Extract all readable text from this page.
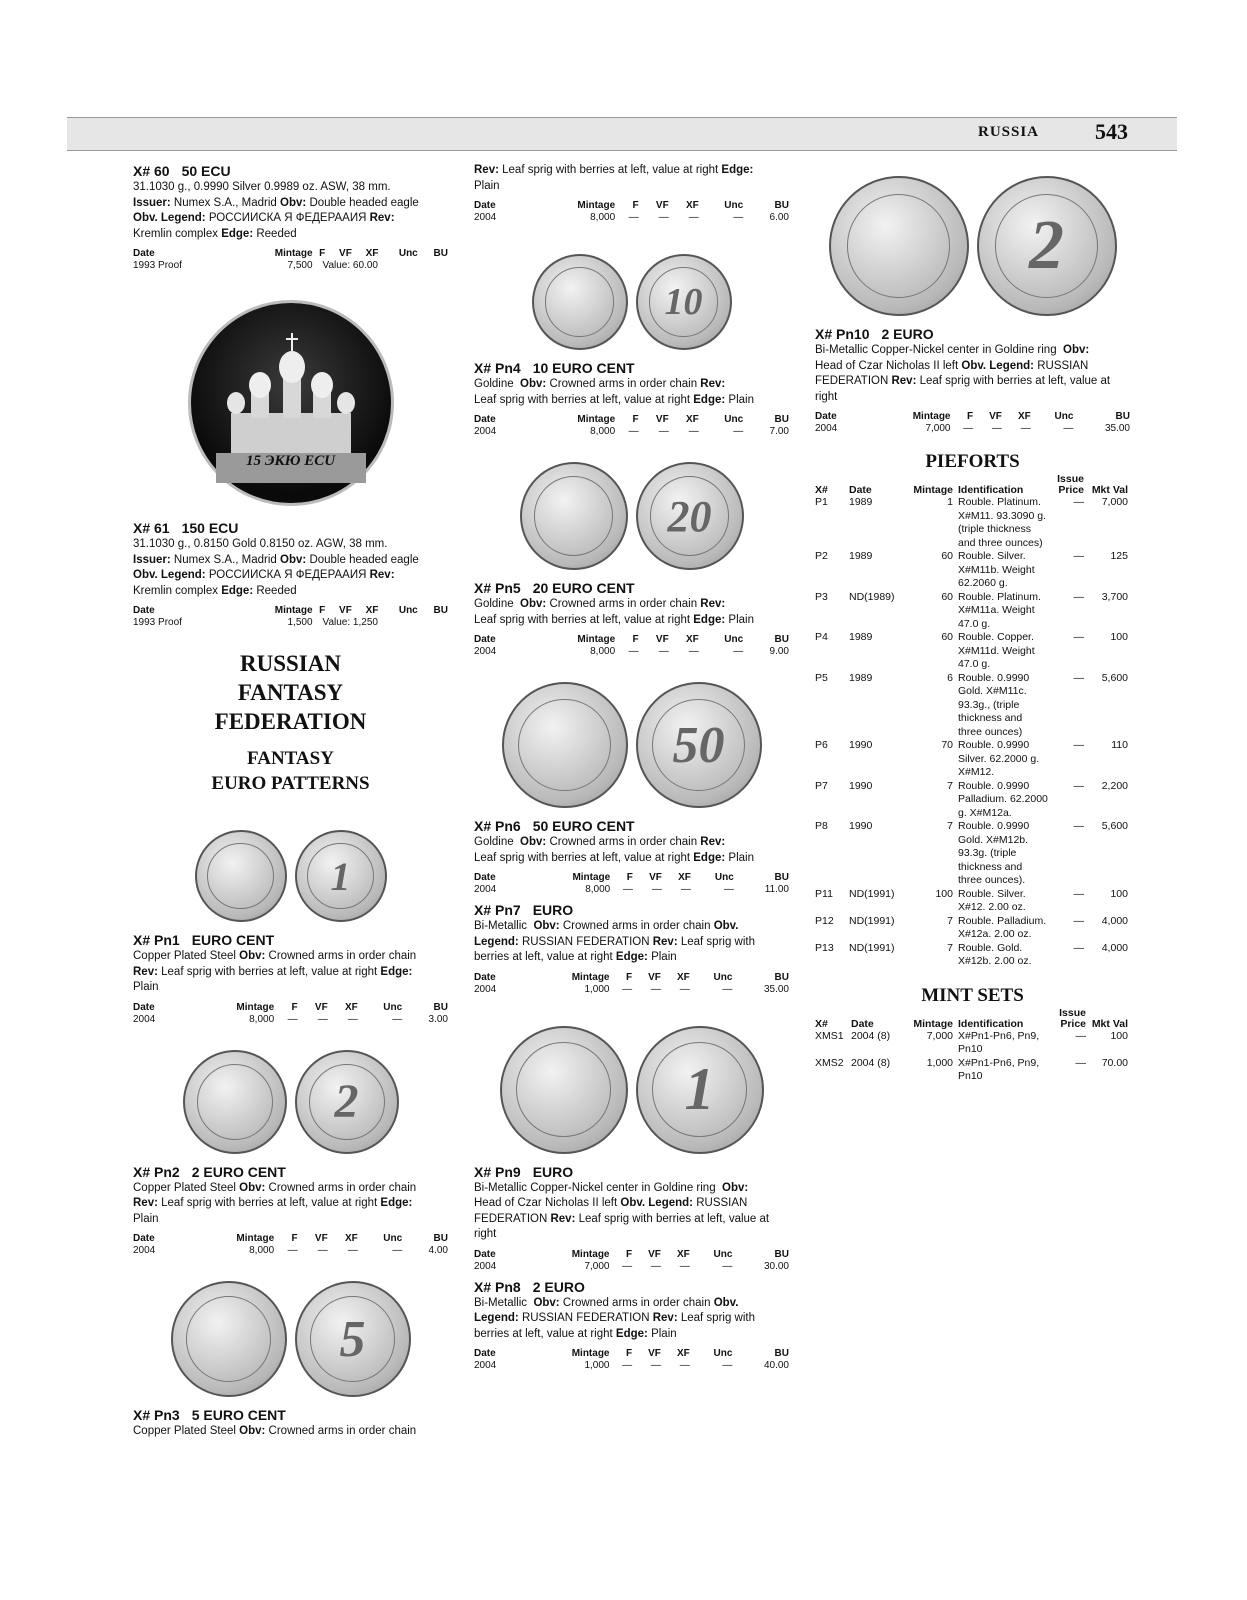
RUSSIA	543
X# 60 50 ECU
31.1030 g., 0.9990 Silver 0.9989 oz. ASW, 38 mm.
Issuer: Numex S.A., Madrid Obv: Double headed eagle
Obv. Legend: РОССИИСКА Я ФЕДЕРААИЯ Rev:
Kremlin complex Edge: Reeded
Date	Mintage	F	VF	XF	Unc	BU
1993 Proof	7,500	Value: 60.00				
15 ЭКЮ ECU
X# 61 150 ECU
31.1030 g., 0.8150 Gold 0.8150 oz. AGW, 38 mm.
Issuer: Numex S.A., Madrid Obv: Double headed eagle
Obv. Legend: РОССИИСКА Я ФЕДЕРААИЯ Rev:
Kremlin complex Edge: Reeded
Date	Mintage	F	VF	XF	Unc	BU
1993 Proof	1,500	Value: 1,250				
RUSSIAN
FANTASY
FEDERATION
FANTASY
EURO PATTERNS
1
X# Pn1 EURO CENT
Copper Plated Steel Obv: Crowned arms in order chain
Rev: Leaf sprig with berries at left, value at right Edge:
Plain
Date	Mintage	F	VF	XF	Unc	BU
2004	8,000	—	—	—	—	3.00
2
X# Pn2 2 EURO CENT
Copper Plated Steel Obv: Crowned arms in order chain
Rev: Leaf sprig with berries at left, value at right Edge:
Plain
Date	Mintage	F	VF	XF	Unc	BU
2004	8,000	—	—	—	—	4.00
5
X# Pn3 5 EURO CENT
Copper Plated Steel Obv: Crowned arms in order chain
Rev: Leaf sprig with berries at left, value at right Edge:
Plain
Date	Mintage	F	VF	XF	Unc	BU
2004	8,000	—	—	—	—	6.00
10
X# Pn4 10 EURO CENT
Goldine Obv: Crowned arms in order chain Rev:
Leaf sprig with berries at left, value at right Edge: Plain
Date	Mintage	F	VF	XF	Unc	BU
2004	8,000	—	—	—	—	7.00
20
X# Pn5 20 EURO CENT
Goldine Obv: Crowned arms in order chain Rev:
Leaf sprig with berries at left, value at right Edge: Plain
Date	Mintage	F	VF	XF	Unc	BU
2004	8,000	—	—	—	—	9.00
50
X# Pn6 50 EURO CENT
Goldine Obv: Crowned arms in order chain Rev:
Leaf sprig with berries at left, value at right Edge: Plain
Date	Mintage	F	VF	XF	Unc	BU
2004	8,000	—	—	—	—	11.00
X# Pn7 EURO
Bi-Metallic Obv: Crowned arms in order chain Obv.
Legend: RUSSIAN FEDERATION Rev: Leaf sprig with berries at left, value at right Edge: Plain
Date	Mintage	F	VF	XF	Unc	BU
2004	1,000	—	—	—	—	35.00
1
X# Pn9 EURO
Bi-Metallic Copper-Nickel center in Goldine ring Obv:
Head of Czar Nicholas II left Obv. Legend: RUSSIAN FEDERATION Rev: Leaf sprig with berries at left, value at right
Date	Mintage	F	VF	XF	Unc	BU
2004	7,000	—	—	—	—	30.00
X# Pn8 2 EURO
Bi-Metallic Obv: Crowned arms in order chain Obv.
Legend: RUSSIAN FEDERATION Rev: Leaf sprig with berries at left, value at right Edge: Plain
Date	Mintage	F	VF	XF	Unc	BU
2004	1,000	—	—	—	—	40.00
2
X# Pn10 2 EURO
Bi-Metallic Copper-Nickel center in Goldine ring Obv:
Head of Czar Nicholas II left Obv. Legend: RUSSIAN FEDERATION Rev: Leaf sprig with berries at left, value at right
Date	Mintage	F	VF	XF	Unc	BU
2004	7,000	—	—	—	—	35.00
PIEFORTS
X#	Date	Mintage	Identification	Issue Price	Mkt Val
P1	1989	1	Rouble. Platinum. X#M11. 93.3090 g. (triple thickness and three ounces)	—	7,000
P2	1989	60	Rouble. Silver. X#M11b. Weight 62.2060 g.	—	125
P3	ND(1989)	60	Rouble. Platinum. X#M11a. Weight 47.0 g.	—	3,700
P4	1989	60	Rouble. Copper. X#M11d. Weight 47.0 g.	—	100
P5	1989	6	Rouble. 0.9990 Gold. X#M11c. 93.3g., (triple thickness and three ounces)	—	5,600
P6	1990	70	Rouble. 0.9990 Silver. 62.2000 g. X#M12.	—	110
P7	1990	7	Rouble. 0.9990 Palladium. 62.2000 g. X#M12a.	—	2,200
P8	1990	7	Rouble. 0.9990 Gold. X#M12b. 93.3g. (triple thickness and three ounces).	—	5,600
P11	ND(1991)	100	Rouble. Silver. X#12. 2.00 oz.	—	100
P12	ND(1991)	7	Rouble. Palladium. X#12a. 2.00 oz.	—	4,000
P13	ND(1991)	7	Rouble. Gold. X#12b. 2.00 oz.	—	4,000
MINT SETS
X#	Date	Mintage	Identification	Issue Price	Mkt Val
XMS1	2004 (8)	7,000	X#Pn1-Pn6, Pn9, Pn10	—	100
XMS2	2004 (8)	1,000	X#Pn1-Pn6, Pn9, Pn10	—	70.00
